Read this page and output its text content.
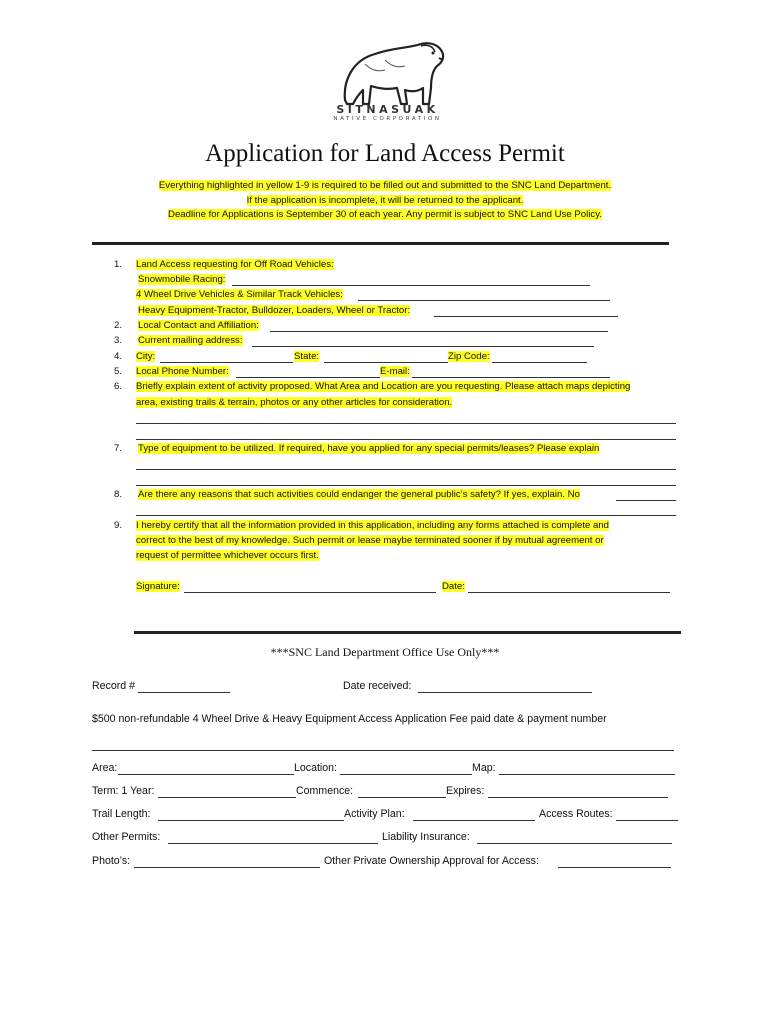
SITNASUAK
NATIVE CORPORATION
Application for Land Access Permit
Everything highlighted in yellow 1-9 is required to be filled out and submitted to the SNC Land Department.
If the application is incomplete, it will be returned to the applicant.
Deadline for Applications is September 30 of each year. Any permit is subject to SNC Land Use Policy.
1. Land Access requesting for Off Road Vehicles:
Snowmobile Racing:
4 Wheel Drive Vehicles & Similar Track Vehicles:
Heavy Equipment-Tractor, Bulldozer, Loaders, Wheel or Tractor:
2. Local Contact and Affiliation:
3. Current mailing address:
4. City:	State:	Zip Code:
5. Local Phone Number:	E-mail:
6. Briefly explain extent of activity proposed. What Area and Location are you requesting. Please attach maps depicting
area, existing trails & terrain, photos or any other articles for consideration.
7. Type of equipment to be utilized. If required, have you applied for any special permits/leases? Please explain
8. Are there any reasons that such activities could endanger the general public’s safety? If yes, explain. No
9. I hereby certify that all the information provided in this application, including any forms attached is complete and
correct to the best of my knowledge. Such permit or lease maybe terminated sooner if by mutual agreement or
request of permittee whichever occurs first.
Signature:	Date:
***SNC Land Department Office Use Only***
Record #	Date received:
$500 non-refundable 4 Wheel Drive & Heavy Equipment Access Application Fee paid date & payment number
Area:	Location:	Map:
Term: 1 Year:	Commence:	Expires:
Trail Length:	Activity Plan:	Access Routes:
Other Permits:	Liability Insurance:
Photo’s:	Other Private Ownership Approval for Access:
